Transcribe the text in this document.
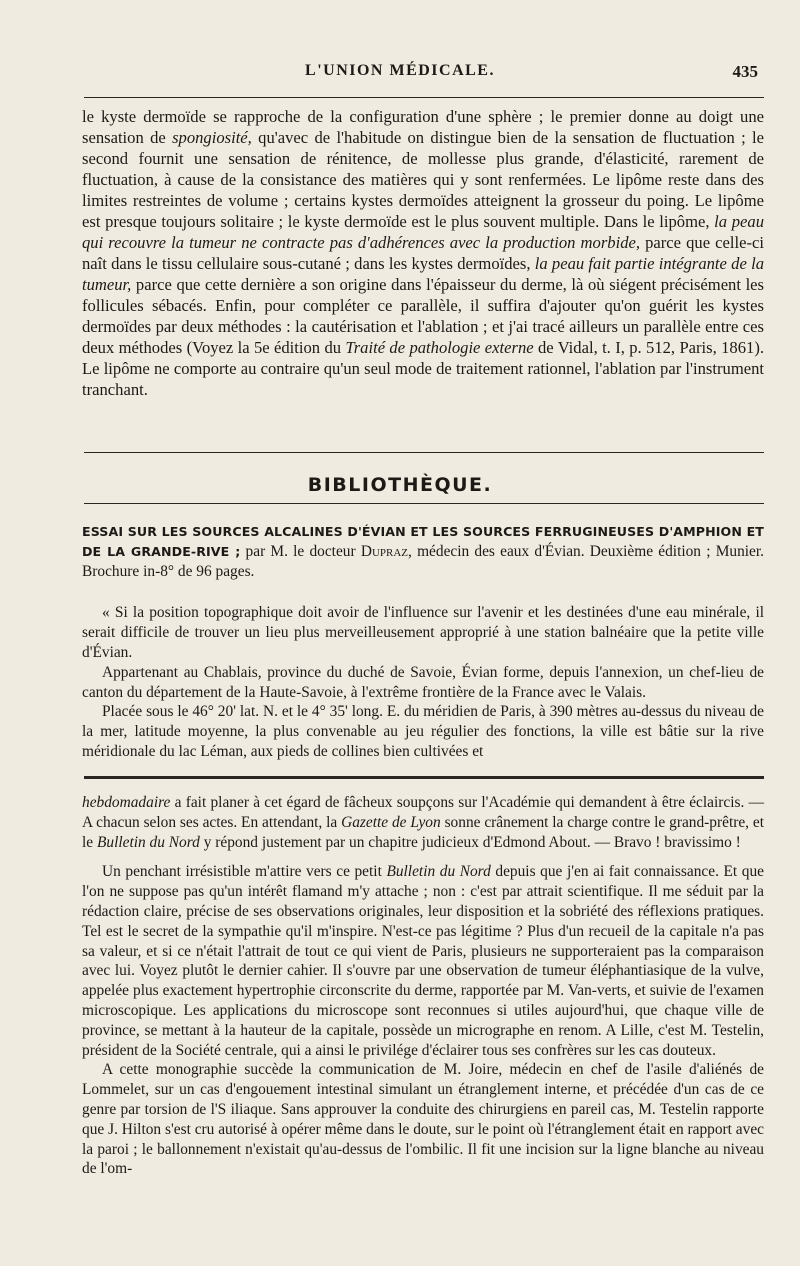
L'UNION MÉDICALE.	435

le kyste dermoïde se rapproche de la configuration d'une sphère ; le premier donne au doigt une sensation de spongiosité, qu'avec de l'habitude on distingue bien de la sensation de fluctuation ; le second fournit une sensation de rénitence, de mollesse plus grande, d'élasticité, rarement de fluctuation, à cause de la consistance des matières qui y sont renfermées. Le lipôme reste dans des limites restreintes de volume ; certains kystes dermoïdes atteignent la grosseur du poing. Le lipôme est presque toujours solitaire ; le kyste dermoïde est le plus souvent multiple. Dans le lipôme, la peau qui recouvre la tumeur ne contracte pas d'adhérences avec la production morbide, parce que celle-ci naît dans le tissu cellulaire sous-cutané ; dans les kystes dermoïdes, la peau fait partie intégrante de la tumeur, parce que cette dernière a son origine dans l'épaisseur du derme, là où siégent précisément les follicules sébacés. Enfin, pour compléter ce parallèle, il suffira d'ajouter qu'on guérit les kystes dermoïdes par deux méthodes : la cautérisation et l'ablation ; et j'ai tracé ailleurs un parallèle entre ces deux méthodes (Voyez la 5e édition du Traité de pathologie externe de Vidal, t. I, p. 512, Paris, 1861). Le lipôme ne comporte au contraire qu'un seul mode de traitement rationnel, l'ablation par l'instrument tranchant.

BIBLIOTHÈQUE.

ESSAI SUR LES SOURCES ALCALINES D'ÉVIAN ET LES SOURCES FERRUGINEUSES D'AMPHION ET DE LA GRANDE-RIVE ; par M. le docteur Dupraz, médecin des eaux d'Évian. Deuxième édition ; Munier. Brochure in-8° de 96 pages.

« Si la position topographique doit avoir de l'influence sur l'avenir et les destinées d'une eau minérale, il serait difficile de trouver un lieu plus merveilleusement approprié à une station balnéaire que la petite ville d'Évian.

Appartenant au Chablais, province du duché de Savoie, Évian forme, depuis l'annexion, un chef-lieu de canton du département de la Haute-Savoie, à l'extrême frontière de la France avec le Valais.

Placée sous le 46° 20' lat. N. et le 4° 35' long. E. du méridien de Paris, à 390 mètres au-dessus du niveau de la mer, latitude moyenne, la plus convenable au jeu régulier des fonctions, la ville est bâtie sur la rive méridionale du lac Léman, aux pieds de collines bien cultivées et

hebdomadaire a fait planer à cet égard de fâcheux soupçons sur l'Académie qui demandent à être éclaircis. — A chacun selon ses actes. En attendant, la Gazette de Lyon sonne crânement la charge contre le grand-prêtre, et le Bulletin du Nord y répond justement par un chapitre judicieux d'Edmond About. — Bravo ! bravissimo !

Un penchant irrésistible m'attire vers ce petit Bulletin du Nord depuis que j'en ai fait connaissance. Et que l'on ne suppose pas qu'un intérêt flamand m'y attache ; non : c'est par attrait scientifique. Il me séduit par la rédaction claire, précise de ses observations originales, leur disposition et la sobriété des réflexions pratiques. Tel est le secret de la sympathie qu'il m'inspire. N'est-ce pas légitime ? Plus d'un recueil de la capitale n'a pas sa valeur, et si ce n'était l'attrait de tout ce qui vient de Paris, plusieurs ne supporteraient pas la comparaison avec lui. Voyez plutôt le dernier cahier. Il s'ouvre par une observation de tumeur éléphantiasique de la vulve, appelée plus exactement hypertrophie circonscrite du derme, rapportée par M. Van-verts, et suivie de l'examen microscopique. Les applications du microscope sont reconnues si utiles aujourd'hui, que chaque ville de province, se mettant à la hauteur de la capitale, possède un micrographe en renom. A Lille, c'est M. Testelin, président de la Société centrale, qui a ainsi le privilége d'éclairer tous ses confrères sur les cas douteux.

A cette monographie succède la communication de M. Joire, médecin en chef de l'asile d'aliénés de Lommelet, sur un cas d'engouement intestinal simulant un étranglement interne, et précédée d'un cas de ce genre par torsion de l'S iliaque. Sans approuver la conduite des chirurgiens en pareil cas, M. Testelin rapporte que J. Hilton s'est cru autorisé à opérer même dans le doute, sur le point où l'étranglement était en rapport avec la paroi ; le ballonnement n'existait qu'au-dessus de l'ombilic. Il fit une incision sur la ligne blanche au niveau de l'om-
